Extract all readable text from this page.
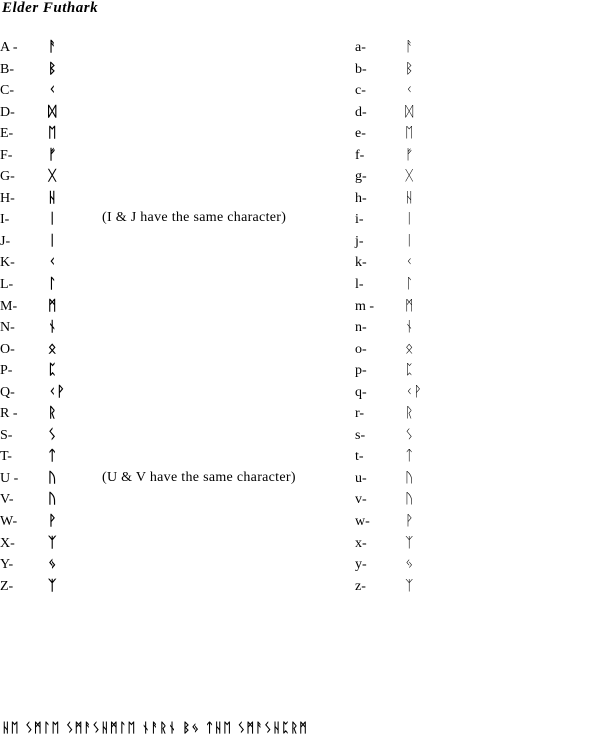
Elder Futhark
A -
B-
C-
D-
E-
F-
G-
H-
I-
J-
K-
L-
M-
N-
O-
P-
Q-
R -
S-
T-
U -
V-
W-
X-
Y-
Z-
ᚨ
ᛒ
ᚲ
ᛞ
ᛖ
ᚠ
ᚷ
ᚺ
ᛁ
ᛁ
ᚲ
ᛚ
ᛗ
ᚾ
ᛟ
ᛈ
ᚲᚹ
ᚱ
ᛊ
ᛏ
ᚢ
ᚢ
ᚹ
ᛉ
ᛃ
ᛉ
(I & J have the same character)
(U & V have the same character)
a-
b-
c-
d-
e-
f-
g-
h-
i-
j-
k-
l-
m -
n-
o-
p-
q-
r-
s-
t-
u-
v-
w-
x-
y-
z-
ᚨ
ᛒ
ᚲ
ᛞ
ᛖ
ᚠ
ᚷ
ᚺ
ᛁ
ᛁ
ᚲ
ᛚ
ᛗ
ᚾ
ᛟ
ᛈ
ᚲᚹ
ᚱ
ᛊ
ᛏ
ᚢ
ᚢ
ᚹ
ᛉ
ᛃ
ᛉ
ᚺᛖ ᛊᛗᛚᛖ ᛊᛗᚨᛊᚺᛗᛚᛖ ᚾᚨᚱᚾ ᛒᛃ ᛏᚺᛖ ᛊᛗᚨᛊᚺᛈᚱᛗ
